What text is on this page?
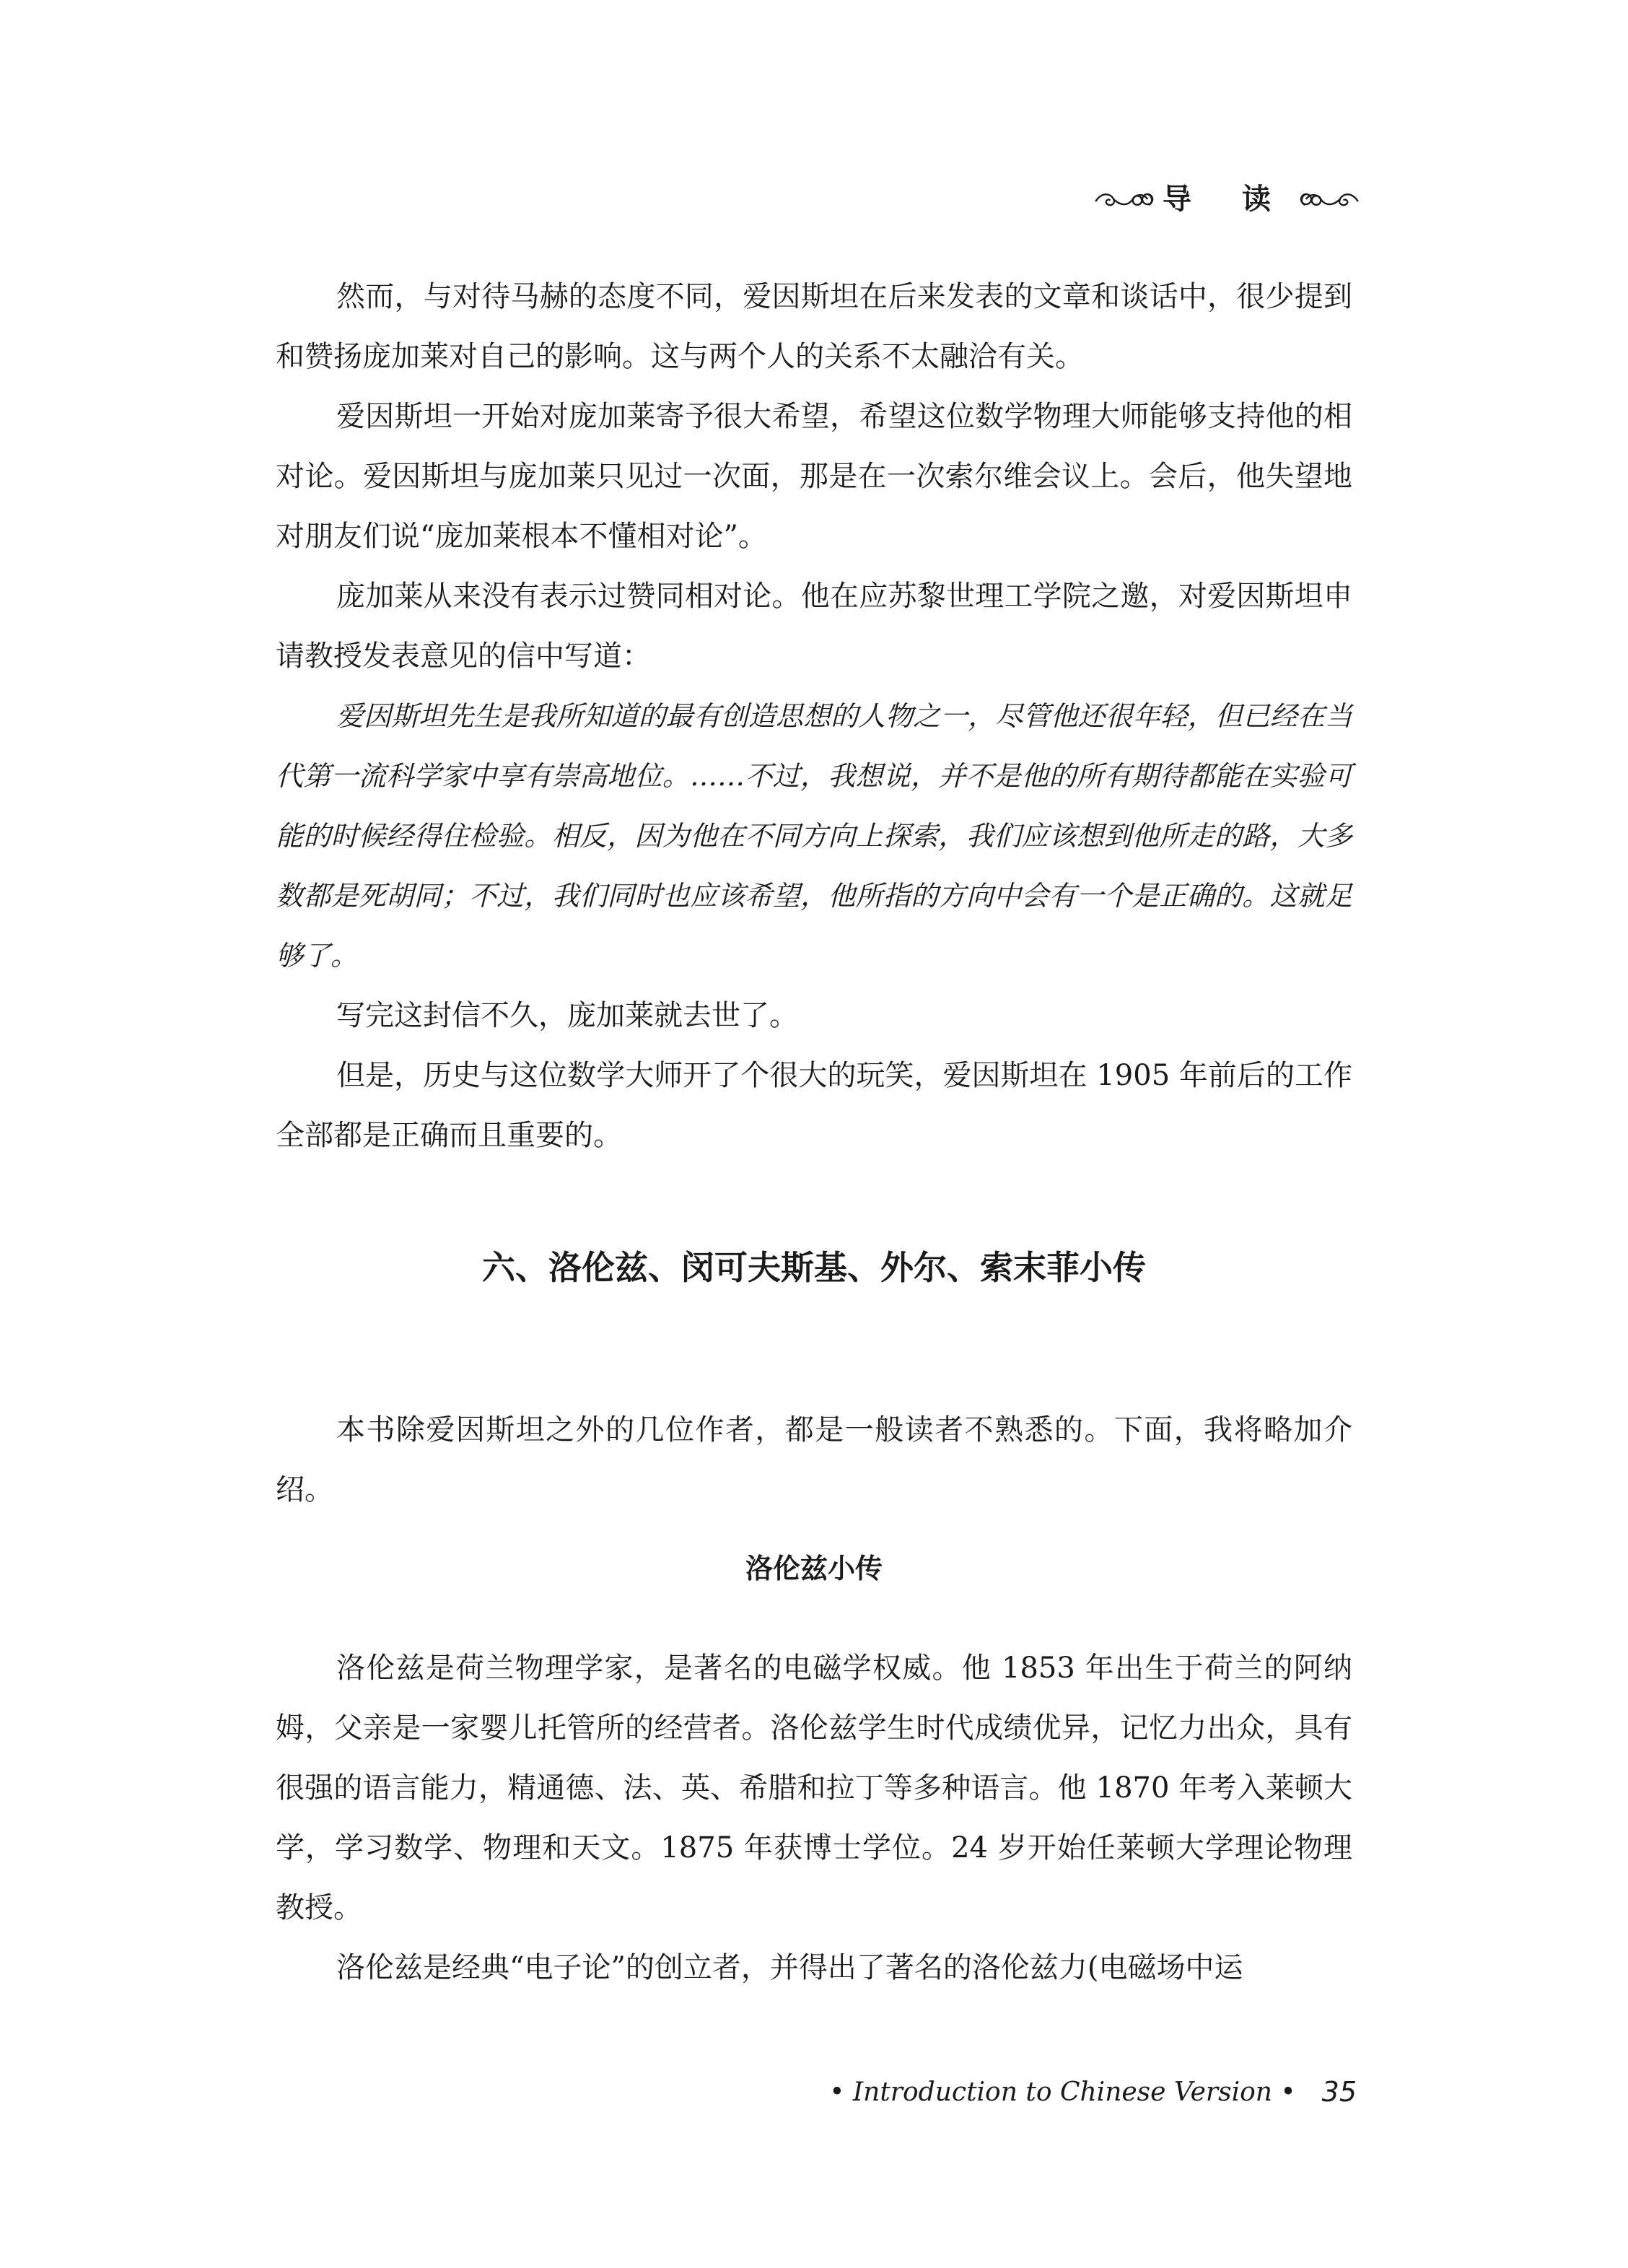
导 读

然而，与对待马赫的态度不同，爱因斯坦在后来发表的文章和谈话中，很少提到和赞扬庞加莱对自己的影响。这与两个人的关系不太融洽有关。

爱因斯坦一开始对庞加莱寄予很大希望，希望这位数学物理大师能够支持他的相对论。爱因斯坦与庞加莱只见过一次面，那是在一次索尔维会议上。会后，他失望地对朋友们说“庞加莱根本不懂相对论”。

庞加莱从来没有表示过赞同相对论。他在应苏黎世理工学院之邀，对爱因斯坦申请教授发表意见的信中写道：

爱因斯坦先生是我所知道的最有创造思想的人物之一，尽管他还很年轻，但已经在当代第一流科学家中享有崇高地位。……不过，我想说，并不是他的所有期待都能在实验可能的时候经得住检验。相反，因为他在不同方向上探索，我们应该想到他所走的路，大多数都是死胡同；不过，我们同时也应该希望，他所指的方向中会有一个是正确的。这就足够了。

写完这封信不久，庞加莱就去世了。

但是，历史与这位数学大师开了个很大的玩笑，爱因斯坦在 1905 年前后的工作全部都是正确而且重要的。

六、洛伦兹、闵可夫斯基、外尔、索末菲小传

本书除爱因斯坦之外的几位作者，都是一般读者不熟悉的。下面，我将略加介绍。

洛伦兹小传

洛伦兹是荷兰物理学家，是著名的电磁学权威。他 1853 年出生于荷兰的阿纳姆，父亲是一家婴儿托管所的经营者。洛伦兹学生时代成绩优异，记忆力出众，具有很强的语言能力，精通德、法、英、希腊和拉丁等多种语言。他 1870 年考入莱顿大学，学习数学、物理和天文。1875 年获博士学位。24 岁开始任莱顿大学理论物理教授。

洛伦兹是经典“电子论”的创立者，并得出了著名的洛伦兹力(电磁场中运

• Introduction to Chinese Version • 35
